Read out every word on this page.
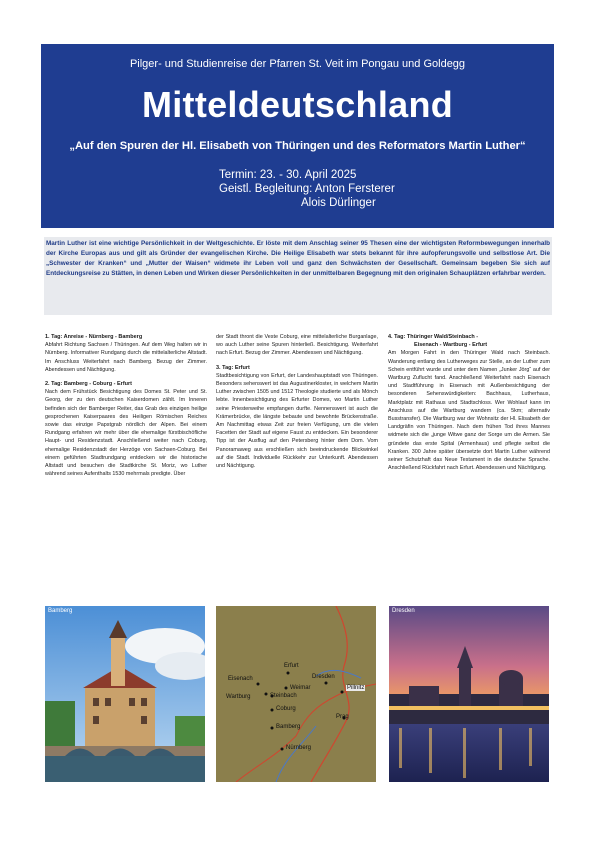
Pilger- und Studienreise der Pfarren St. Veit im Pongau und Goldegg
Mitteldeutschland
„Auf den Spuren der Hl. Elisabeth von Thüringen und des Reformators Martin Luther“
Termin: 23. - 30. April 2025
Geistl. Begleitung: Anton Fersterer
Alois Dürlinger
Martin Luther ist eine wichtige Persönlichkeit in der Weltgeschichte. Er löste mit dem Anschlag seiner 95 Thesen eine der wichtigsten Reformbewegungen innerhalb der Kirche Europas aus und gilt als Gründer der evangelischen Kirche. Die Heilige Elisabeth war stets bekannt für ihre aufopferungsvolle und selbstlose Art. Die „Schwester der Kranken“ und „Mutter der Waisen“ widmete ihr Leben voll und ganz den Schwächsten der Gesellschaft. Gemeinsam begeben Sie sich auf Entdeckungsreise zu Stätten, in denen Leben und Wirken dieser Persönlichkeiten in der unmittelbaren Begegnung mit den originalen Schauplätzen erfahrbar werden.
1. Tag: Anreise - Nürnberg - Bamberg

Abfahrt Richtung Sachsen / Thüringen. Auf dem Weg halten wir in Nürnberg. Informativer Rundgang durch die mittelalterliche Altstadt. Im Anschluss Weiterfahrt nach Bamberg. Bezug der Zimmer. Abendessen und Nächtigung.

2. Tag: Bamberg - Coburg - Erfurt

Nach dem Frühstück Besichtigung des Domes St. Peter und St. Georg, der zu den deutschen Kaiserdomen zählt. Im Inneren befinden sich der Bamberger Reiter, das Grab des einzigen heilige gesprochenen Kaiserpaares des Heiligen Römischen Reiches sowie das einzige Papstgrab nördlich der Alpen. Bei einem Rundgang erfahren wir mehr über die ehemalige fürstbischöfliche Haupt- und Residenzstadt. Anschließend weiter nach Coburg, ehemalige Residenzstadt der Herzöge von Sachsen-Coburg. Bei einem geführten Stadtrundgang entdecken wir die historische Altstadt und besuchen die Stadtkirche St. Moriz, wo Luther während seines Aufenthalts 1530 mehrmals predigte. Über

der Stadt thront die Veste Coburg, eine mittelalterliche Burganlage, wo auch Luther seine Spuren hinterließ. Besichtigung. Weiterfahrt nach Erfurt. Bezug der Zimmer. Abendessen und Nächtigung.

3. Tag: Erfurt

Stadtbesichtigung von Erfurt, der Landeshauptstadt von Thüringen. Besonders sehenswert ist das Augustinerkloster, in welchem Martin Luther zwischen 1505 und 1512 Theologie studierte und als Mönch lebte. Innenbesichtigung des Erfurter Domes, wo Martin Luther seine Priesterweihe empfangen durfte. Nennenswert ist auch die Krämerbrücke, die längste bebaute und bewohnte Brückenstraße. Am Nachmittag etwas Zeit zur freien Verfügung, um die vielen Facetten der Stadt auf eigene Faust zu entdecken. Ein besonderer Tipp ist der Ausflug auf den Petersberg hinter dem Dom. Vom Panoramaweg aus erschließen sich beeindruckende Blickwinkel auf die Stadt. Individuelle Rückkehr zur Unterkunft. Abendessen und Nächtigung.

4. Tag: Thüringer Wald/Steinbach -
Eisenach - Wartburg - Erfurt

Am Morgen Fahrt in den Thüringer Wald nach Steinbach. Wanderung entlang des Lutherweges zur Stelle, an der Luther zum Schein entführt wurde und unter dem Namen „Junker Jörg“ auf der Wartburg Zuflucht fand. Anschließend Weiterfahrt nach Eisenach und Stadtführung in Eisenach mit Außenbesichtigung der besonderen Sehenswürdigkeiten: Bachhaus, Lutherhaus, Marktplatz mit Rathaus und Stadtschloss. Wer Wohlauf kann im Anschluss auf die Wartburg wandern (ca. 5km; alternativ Busstransfer). Die Wartburg war der Wohnsitz der Hl. Elisabeth der Landgräfin von Thüringen. Nach dem frühen Tod ihres Mannes widmete sich die „junge Witwe ganz der Sorge um die Armen. Sie gründete das erste Spital (Armenhaus) und pflegte selbst die Kranken. 300 Jahre später übersetzte dort Martin Luther während seiner Schutzhaft das Neue Testament in die deutsche Sprache. Anschließend Rückfahrt nach Erfurt. Abendessen und Nächtigung.

Bamberg
Erfurt
Eisenach
Weimar
Dresden
Wartburg	Steinbach
Pillnitz
Coburg
Prag
Bamberg
Nürnberg
Dresden
